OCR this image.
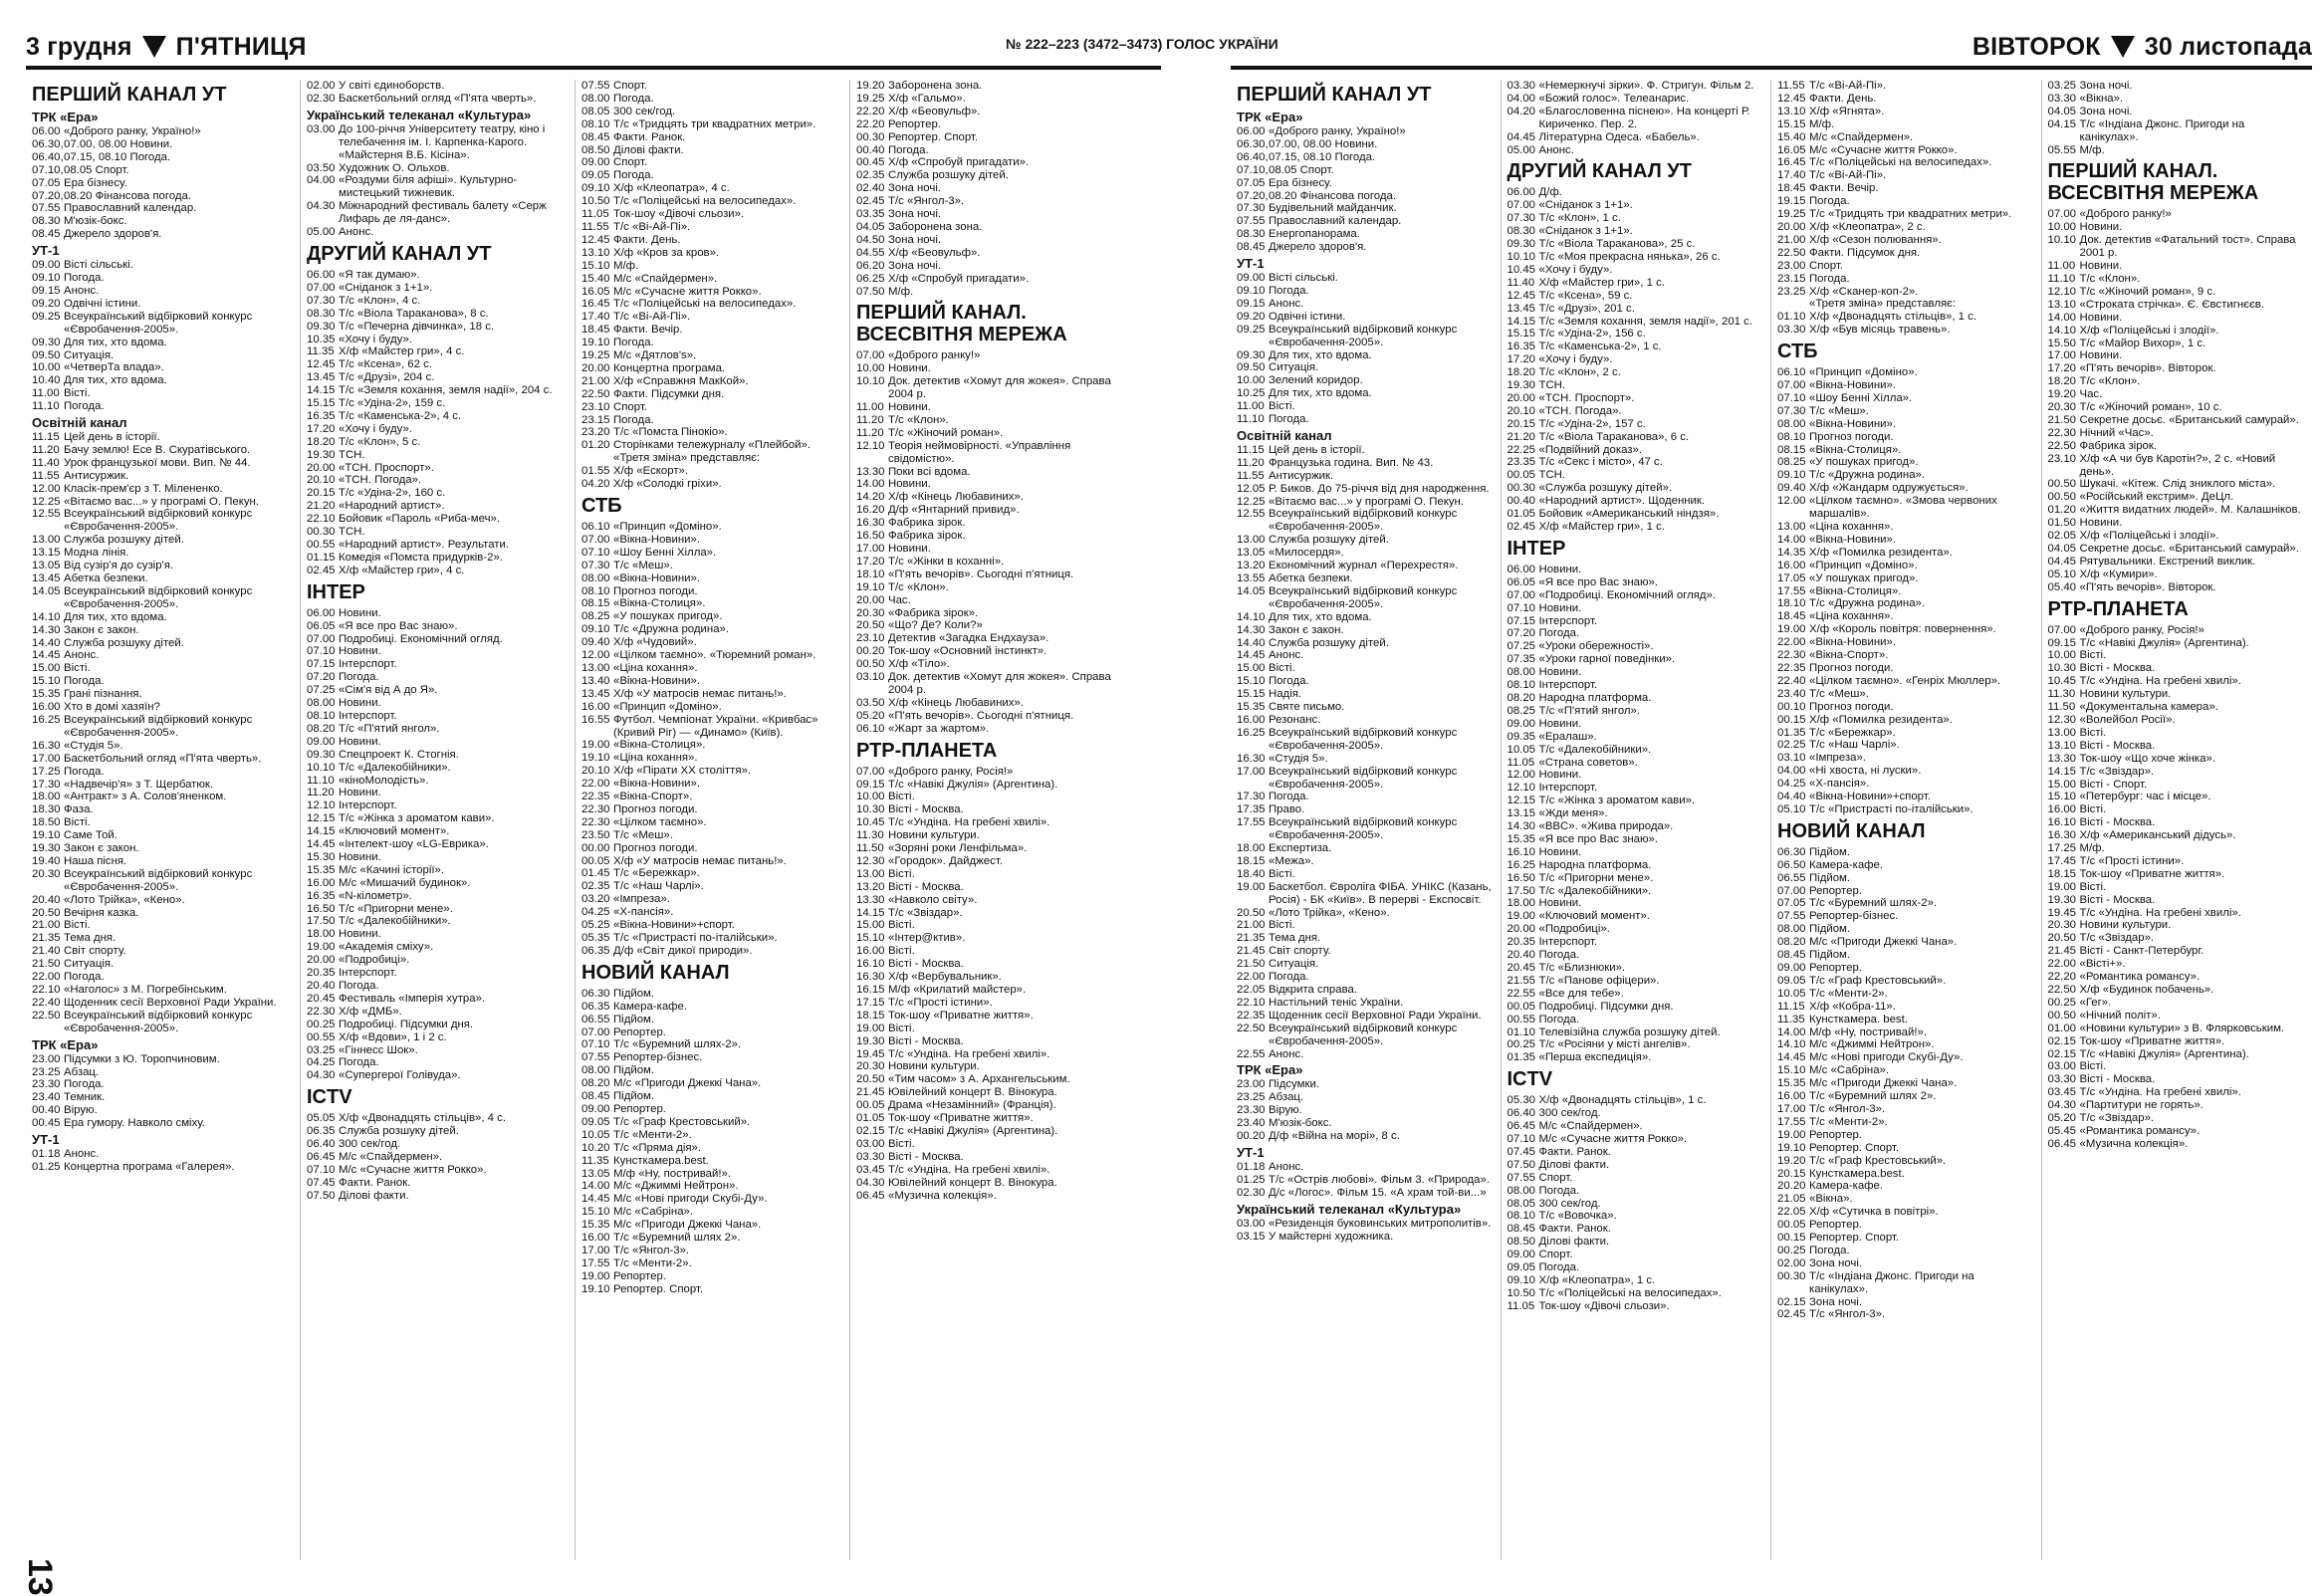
3 грудня П'ЯТНИЦЯ	№ 222–223 (3472–3473) ГОЛОС УКРАЇНИ
ПЕРШИЙ КАНАЛ УТ
ТРК «Ера»
06.00 «Доброго ранку, Україно!»
06.30, 07.00, 08.00 Новини.
06.40, 07.15, 08.10 Погода.
07.10, 08.05 Спорт.
07.05 Ера бізнесу.
07.20, 08.20 Фінансова погода.
07.55 Православний календар.
08.30 М'юзік-бокс.
08.45 Джерело здоров'я.
УТ-1
09.00 Вісті сільські.
09.10 Погода.
09.15 Анонс.
09.20 Одвічні істини.
09.25 Всеукраїнський відбірковий конкурс «Євробачення-2005».
09.30 Для тих, хто вдома.
09.50 Ситуація.
10.00 «ЧетверТа влада».
10.40 Для тих, хто вдома.
11.00 Вісті.
11.10 Погода.
Освітній канал
11.15 Цей день в історії.
11.20 Бачу землю! Есе В. Скуратівського.
11.40 Урок французької мови. Вип. № 44.
11.55 Антисуржик.
12.00 Класік-прем'єр з Т. Мілененко.
12.25 «Вітаємо вас...» у програмі О. Пекун.
12.55 Всеукраїнський відбірковий конкурс «Євробачення-2005».
13.00 Служба розшуку дітей.
13.15 Модна лінія.
13.05 Від сузір'я до сузір'я.
13.45 Абетка безпеки.
14.05 Всеукраїнський відбірковий конкурс «Євробачення-2005».
14.10 Для тих, хто вдома.
14.30 Закон є закон.
14.40 Служба розшуку дітей.
14.45 Анонс.
15.00 Вісті.
15.10 Погода.
15.35 Грані пізнання.
16.00 Хто в домі хазяїн?
16.25 Всеукраїнський відбірковий конкурс «Євробачення-2005».
16.30 «Студія 5».
17.00 Баскетбольний огляд «П'ята чверть».
17.25 Погода.
17.30 «Надвечір'я» з Т. Щербатюк.
18.00 «Антракт» з А. Солов'яненком.
18.30 Фаза.
18.50 Вісті.
19.10 Саме Той.
19.30 Закон є закон.
19.40 Наша пісня.
20.30 Всеукраїнський відбірковий конкурс «Євробачення-2005».
20.40 «Лото Трійка», «Кено».
20.50 Вечірня казка.
21.00 Вісті.
21.35 Тема дня.
21.40 Світ спорту.
21.50 Ситуація.
22.00 Погода.
22.10 «Наголос» з М. Погребінським.
22.40 Щоденник сесії Верховної Ради України.
22.50 Всеукраїнський відбірковий конкурс «Євробачення-2005».
ТРК «Ера»
23.00 Підсумки з Ю. Торопчиновим.
23.25 Абзац.
23.30 Погода.
23.40 Темник.
00.40 Вірую.
00.45 Ера гумору. Навколо сміху.
УТ-1
01.18 Анонс.
01.25 Концертна програма «Галерея».
02.00 У світі єдиноборств.
02.30 Баскетбольний огляд «П'ята чверть».
Український телеканал «Культура»
03.00 До 100-річчя Університету театру, кіно і телебачення ім. І. Карпенка-Карого. «Майстерня В.Б. Кісіна».
03.50 Художник О. Ольхов.
04.00 «Роздуми біля афіші». Культурно-мистецький тижневик.
04.30 Міжнародний фестиваль балету «Серж Лифарь де ля-данс».
05.00 Анонс.
ДРУГИЙ КАНАЛ УТ
06.00 «Я так думаю».
07.00 «Сніданок з 1+1».
07.30 Т/с «Клон», 4 с.
08.30 Т/с «Віола Тараканова», 8 с.
09.30 Т/с «Печерна дівчинка», 18 с.
10.35 «Хочу і буду».
11.35 Х/ф «Майстер гри», 4 с.
12.45 Т/с «Ксена», 62 с.
13.45 Т/с «Друзі», 204 с.
14.15 Т/с «Земля кохання, земля надії», 204 с.
15.15 Т/с «Удіна-2», 159 с.
16.35 Т/с «Каменська-2», 4 с.
17.20 «Хочу і буду».
18.20 Т/с «Клон», 5 с.
19.30 ТСН.
20.00 «ТСН. Проспорт».
20.10 «ТСН. Погода».
20.15 Т/с «Удіна-2», 160 с.
21.20 «Народний артист».
22.10 Бойовик «Пароль «Риба-меч».
00.30 ТСН.
00.55 «Народний артист». Результати.
01.15 Комедія «Помста придурків-2».
02.45 Х/ф «Майстер гри», 4 с.
ІНТЕР
06.00 Новини.
06.05 «Я все про Вас знаю».
07.00 Подробиці. Економічний огляд.
07.10 Новини.
07.15 Інтерспорт.
07.20 Погода.
07.25 «Сім'я від А до Я».
08.00 Новини.
08.10 Інтерспорт.
08.20 Т/с «П'ятий янгол».
09.00 Новини.
09.30 Спецпроект К. Стогнія.
10.10 Т/с «Далекобійники».
11.10 «кіноМолодість».
11.20 Новини.
12.10 Інтерспорт.
12.15 Т/с «Жінка з ароматом кави».
14.15 «Ключовий момент».
14.45 «Інтелект-шоу «LG-Еврика».
15.30 Новини.
15.35 М/с «Качині історії».
16.00 М/с «Мишачий будинок».
16.35 «N-кілометр».
16.50 Т/с «Пригорни мене».
17.50 Т/с «Далекобійники».
18.00 Новини.
19.00 «Академія сміху».
20.00 «Подробиці».
20.35 Інтерспорт.
20.40 Погода.
20.45 Фестиваль «Імперія хутра».
22.30 Х/ф «ДМБ».
00.25 Подробиці. Підсумки дня.
00.55 Х/ф «Вдови», 1 і 2 с.
03.25 «Гіннесс Шок».
04.25 Погода.
04.30 «Супергерої Голівуда».
ICTV
05.05 Х/ф «Двонадцять стільців», 4 с.
06.35 Служба розшуку дітей.
06.40 300 сек/год.
06.45 М/с «Спайдермен».
07.10 М/с «Сучасне життя Рокко».
07.45 Факти. Ранок.
07.50 Ділові факти.
07.55 Спорт.
08.00 Погода.
08.05 300 сек/год.
08.10 Т/с «Тридцять три квадратних метри».
08.45 Факти. Ранок.
08.50 Ділові факти.
09.00 Спорт.
09.05 Погода.
09.10 Х/ф «Клеопатра», 4 с.
10.50 Т/с «Поліцейські на велосипедах».
11.05 Ток-шоу «Дівочі сльози».
11.55 Т/с «Ві-Ай-Пі».
12.45 Факти. День.
13.10 Х/ф «Кров за кров».
15.10 М/ф.
15.40 М/с «Спайдермен».
16.05 М/с «Сучасне життя Рокко».
16.45 Т/с «Поліцейські на велосипедах».
17.40 Т/с «Ві-Ай-Пі».
18.45 Факти. Вечір.
19.10 Погода.
19.25 М/с «Дятлов's».
20.00 Концертна програма.
21.00 Х/ф «Справжня МакКой».
22.50 Факти. Підсумки дня.
23.10 Спорт.
23.15 Погода.
23.20 Т/с «Помста Пінокіо».
01.20 Сторінками тележурналу «Плейбой».
«Третя зміна» представляє:
01.55 Х/ф «Ескорт».
04.20 Х/ф «Солодкі гріхи».
СТБ
06.10 «Принцип «Доміно».
07.00 «Вікна-Новини».
07.10 «Шоу Бенні Хілла».
07.30 Т/с «Меш».
08.00 «Вікна-Новини».
08.10 Прогноз погоди.
08.15 «Вікна-Столиця».
08.25 «У пошуках пригод».
09.10 Т/с «Дружна родина».
09.40 Х/ф «Чудовий».
12.00 «Цілком таємно». «Тюремний роман».
13.00 «Ціна кохання».
13.40 «Вікна-Новини».
13.45 Х/ф «У матросів немає питань!».
16.00 «Принцип «Доміно».
16.55 Футбол. Чемпіонат України. «Кривбас» (Кривий Ріг) — «Динамо» (Київ).
19.00 «Вікна-Столиця».
19.10 «Ціна кохання».
20.10 Х/ф «Пірати XX століття».
22.00 «Вікна-Новини».
22.35 «Вікна-Спорт».
22.30 Прогноз погоди.
22.30 «Цілком таємно».
23.50 Т/с «Меш».
00.00 Прогноз погоди.
00.05 Х/ф «У матросів немає питань!».
01.45 Т/с «Бережкар».
02.35 Т/с «Наш Чарлі».
03.20 «Імпреза».
04.25 «Х-пансія».
05.25 «Вікна-Новини»+спорт.
05.35 Т/с «Пристрасті по-італійськи».
06.35 Д/ф «Світ дикої природи».
НОВИЙ КАНАЛ
06.30 Підйом.
06.35 Камера-кафе.
06.55 Підйом.
07.00 Репортер.
07.10 Т/с «Буремний шлях-2».
07.55 Репортер-бізнес.
08.00 Підйом.
08.20 М/с «Пригоди Джеккі Чана».
08.45 Підйом.
09.00 Репортер.
09.05 Т/с «Граф Крестовський».
10.05 Т/с «Менти-2».
10.20 Т/с «Пряма дія».
11.35 Кунсткамера.best.
13.05 М/ф «Ну, постривай!».
14.00 М/с «Джиммі Нейтрон».
14.45 М/с «Нові пригоди Скубі-Ду».
15.10 М/с «Сабріна».
15.35 М/с «Пригоди Джеккі Чана».
16.00 Т/с «Буремний шлях 2».
17.00 Т/с «Янгол-3».
17.55 Т/с «Менти-2».
19.00 Репортер.
19.10 Репортер. Спорт.
19.20 Заборонена зона.
19.25 Х/ф «Гальмо».
22.20 Х/ф «Беовульф».
22.20 Репортер.
00.30 Репортер. Спорт.
00.40 Погода.
00.45 Х/ф «Спробуй пригадати».
02.35 Служба розшуку дітей.
02.40 Зона ночі.
02.45 Т/с «Янгол-3».
03.35 Зона ночі.
04.05 Заборонена зона.
04.50 Зона ночі.
04.55 Х/ф «Беовульф».
06.20 Зона ночі.
06.25 Х/ф «Спробуй пригадати».
07.50 М/ф.
ПЕРШИЙ КАНАЛ. ВСЕСВІТНЯ МЕРЕЖА
07.00 «Доброго ранку!»
10.00 Новини.
10.10 Док. детектив «Хомут для жокея». Справа 2004 р.
11.00 Новини.
11.20 Т/с «Клон».
11.20 Т/с «Жіночий роман».
12.10 Теорія неймовірності. «Управління свідомістю».
13.30 Поки всі вдома.
14.00 Новини.
14.20 Х/ф «Кінець Любавиних».
16.20 Д/ф «Янтарний привид».
16.30 Фабрика зірок.
16.50 Фабрика зірок.
17.00 Новини.
17.20 Т/с «Жінки в коханні».
18.10 «П'ять вечорів». Сьогодні п'ятниця.
19.10 Т/с «Клон».
20.00 Час.
20.30 «Фабрика зірок».
20.50 «Що? Де? Коли?»
23.10 Детектив «Загадка Ендхауза».
00.20 Ток-шоу «Основний інстинкт».
00.50 Х/ф «Тіло».
03.10 Док. детектив «Хомут для жокея». Справа 2004 р.
03.50 Х/ф «Кінець Любавиних».
05.20 «П'ять вечорів». Сьогодні п'ятниця.
06.10 «Жарт за жартом».
РТР-ПЛАНЕТА
07.00 «Доброго ранку, Росія!»
09.15 Т/с «Навікі Джулія» (Аргентина).
10.00 Вісті.
10.30 Вісті - Москва.
10.45 Т/с «Ундіна. На гребені хвилі».
11.30 Новини культури.
11.50 «Зоряні роки Ленфільма».
12.30 «Городок». Дайджест.
13.00 Вісті.
13.20 Вісті - Москва.
13.30 «Навколо світу».
14.15 Т/с «Звіздар».
15.00 Вісті.
15.10 «Інтер@ктив».
16.00 Вісті.
16.10 Вісті - Москва.
16.30 Х/ф «Вербувальник».
16.15 М/ф «Крилатий майстер».
17.15 Т/с «Прості істини».
18.15 Ток-шоу «Приватне життя».
19.00 Вісті.
19.30 Вісті - Москва.
19.45 Т/с «Ундіна. На гребені хвилі».
20.30 Новини культури.
20.50 «Тим часом» з А. Архангельським.
21.45 Ювілейний концерт В. Вінокура.
00.05 Драма «Незамінний» (Франція).
01.05 Ток-шоу «Приватне життя».
02.15 Т/с «Навікі Джулія» (Аргентина).
03.00 Вісті.
03.30 Вісті - Москва.
03.45 Т/с «Ундіна. На гребені хвилі».
04.30 Ювілейний концерт В. Вінокура.
06.45 «Музична колекція».
13
ВІВТОРОК 30 листопада
ПЕРШИЙ КАНАЛ УТ
ТРК «Ера»
06.00 «Доброго ранку, Україно!»
06.30, 07.00, 08.00 Новини.
06.40, 07.15, 08.10 Погода.
07.10, 08.05 Спорт.
07.05 Ера бізнесу.
07.20, 08.20 Фінансова погода.
07.30 Будівельний майданчик.
07.55 Православний календар.
08.30 Енергопанорама.
08.45 Джерело здоров'я.
УТ-1
09.00 Вісті сільські.
09.10 Погода.
09.15 Анонс.
09.20 Одвічні істини.
09.25 Всеукраїнський відбірковий конкурс «Євробачення-2005».
09.30 Для тих, хто вдома.
09.50 Ситуація.
10.00 Зелений коридор.
10.25 Для тих, хто вдома.
11.00 Вісті.
11.10 Погода.
Освітній канал
11.15 Цей день в історії.
11.20 Французька година. Вип. № 43.
11.55 Антисуржик.
12.05 Р. Биков. До 75-річчя від дня народження.
12.25 «Вітаємо вас...» у програмі О. Пекун.
12.55 Всеукраїнський відбірковий конкурс «Євробачення-2005».
13.00 Служба розшуку дітей.
13.05 «Милосердя».
13.20 Економічний журнал «Перехрестя».
13.55 Абетка безпеки.
14.05 Всеукраїнський відбірковий конкурс «Євробачення-2005».
14.10 Для тих, хто вдома.
14.30 Закон є закон.
14.40 Служба розшуку дітей.
14.45 Анонс.
15.00 Вісті.
15.10 Погода.
15.15 Надія.
15.35 Святе письмо.
16.00 Резонанс.
16.25 Всеукраїнський відбірковий конкурс «Євробачення-2005».
16.30 «Студія 5».
17.00 Всеукраїнський відбірковий конкурс «Євробачення-2005».
17.30 Погода.
17.35 Право.
17.55 Всеукраїнський відбірковий конкурс «Євробачення-2005».
18.00 Експертиза.
18.15 «Межа».
18.40 Вісті.
19.00 Баскетбол. Євроліга ФІБА. УНІКС (Казань, Росія) - БК «Київ». В перерві - Експосвіт.
20.50 «Лото Трійка», «Кено».
21.00 Вісті.
21.35 Тема дня.
21.45 Світ спорту.
21.50 Ситуація.
22.00 Погода.
22.05 Відкрита справа.
22.10 Настільний теніс України.
22.35 Щоденник сесії Верховної Ради України.
22.50 Всеукраїнський відбірковий конкурс «Євробачення-2005».
22.55 Анонс.
ТРК «Ера»
23.00 Підсумки.
23.25 Абзац.
23.30 Вірую.
23.40 М'юзік-бокс.
00.20 Д/ф «Війна на морі», 8 с.
УТ-1
01.18 Анонс.
01.25 Т/с «Острів любові». Фільм 3. «Природа».
02.30 Д/с «Логос». Фільм 15. «А храм той-ви...»
Український телеканал «Культура»
03.00 «Резиденція буковинських митрополитів».
03.15 У майстерні художника.
03.30 «Немеркнучі зірки». Ф. Стригун. Фільм 2.
04.00 «Божий голос». Телеанарис.
04.20 «Благословенна піснею». На концерті Р. Кириченко. Пер. 2.
04.45 Літературна Одеса. «Бабель».
05.00 Анонс.
ДРУГИЙ КАНАЛ УТ
06.00 Д/ф.
07.00 «Сніданок з 1+1».
07.30 Т/с «Клон», 1 с.
08.30 «Сніданок з 1+1».
09.30 Т/с «Віола Тараканова», 25 с.
10.10 Т/с «Моя прекрасна нянька», 26 с.
10.45 «Хочу і буду».
11.40 Х/ф «Майстер гри», 1 с.
12.45 Т/с «Ксена», 59 с.
13.45 Т/с «Друзі», 201 с.
14.15 Т/с «Земля кохання, земля надії», 201 с.
15.15 Т/с «Удіна-2», 156 с.
16.35 Т/с «Каменська-2», 1 с.
17.20 «Хочу і буду».
18.20 Т/с «Клон», 2 с.
19.30 ТСН.
20.00 «ТСН. Проспорт».
20.10 «ТСН. Погода».
20.15 Т/с «Удіна-2», 157 с.
21.20 Т/с «Віола Тараканова», 6 с.
22.25 «Подвійний доказ».
23.35 Т/с «Секс і місто», 47 с.
00.05 ТСН.
00.30 «Служба розшуку дітей».
00.40 «Народний артист». Щоденник.
01.05 Бойовик «Американський ніндзя».
02.45 Х/ф «Майстер гри», 1 с.
ІНТЕР
06.00 Новини.
06.05 «Я все про Вас знаю».
07.00 «Подробиці. Економічний огляд».
07.10 Новини.
07.15 Інтерспорт.
07.20 Погода.
07.25 «Уроки обережності».
07.35 «Уроки гарної поведінки».
08.00 Новини.
08.10 Інтерспорт.
08.20 Народна платформа.
08.25 Т/с «П'ятий янгол».
09.00 Новини.
09.35 «Ералаш».
10.05 Т/с «Далекобійники».
11.05 «Страна советов».
12.00 Новини.
12.10 Інтерспорт.
12.15 Т/с «Жінка з ароматом кави».
13.15 «Жди меня».
14.30 «BBC». «Жива природа».
15.35 «Я все про Вас знаю».
16.10 Новини.
16.25 Народна платформа.
16.50 Т/с «Пригорни мене».
17.50 Т/с «Далекобійники».
18.00 Новини.
19.00 «Ключовий момент».
20.00 «Подробиці».
20.35 Інтерспорт.
20.40 Погода.
20.45 Т/с «Близнюки».
21.55 Т/с «Панове офіцери».
22.55 «Все для тебе».
00.05 Подробиці. Підсумки дня.
00.55 Погода.
01.10 Телевізійна служба розшуку дітей.
00.25 Т/с «Росіяни у місті ангелів».
01.35 «Перша експедиція».
ICTV
05.30 Х/ф «Двонадцять стільців», 1 с.
06.40 300 сек/год.
06.45 М/с «Спайдермен».
07.10 М/с «Сучасне життя Рокко».
07.45 Факти. Ранок.
07.50 Ділові факти.
07.55 Спорт.
08.00 Погода.
08.05 300 сек/год.
08.10 Т/с «Вовочка».
08.45 Факти. Ранок.
08.50 Ділові факти.
09.00 Спорт.
09.05 Погода.
09.10 Х/ф «Клеопатра», 1 с.
10.50 Т/с «Поліцейські на велосипедах».
11.05 Ток-шоу «Дівочі сльози».
11.55 Т/с «Ві-Ай-Пі».
12.45 Факти. День.
13.10 Х/ф «Ягнята».
15.15 М/ф.
15.40 М/с «Спайдермен».
16.05 М/с «Сучасне життя Рокко».
16.45 Т/с «Поліцейські на велосипедах».
17.40 Т/с «Ві-Ай-Пі».
18.45 Факти. Вечір.
19.15 Погода.
19.25 Т/с «Тридцять три квадратних метри».
20.00 Х/ф «Клеопатра», 2 с.
21.00 Х/ф «Сезон полювання».
22.50 Факти. Підсумок дня.
23.00 Спорт.
23.15 Погода.
23.25 Х/ф «Сканер-коп-2».
«Третя зміна» представляє:
01.10 Х/ф «Двонадцять стільців», 1 с.
03.30 Х/ф «Був місяць травень».
СТБ
06.10 «Принцип «Доміно».
07.00 «Вікна-Новини».
07.10 «Шоу Бенні Хілла».
07.30 Т/с «Меш».
08.00 «Вікна-Новини».
08.10 Прогноз погоди.
08.15 «Вікна-Столиця».
08.25 «У пошуках пригод».
09.10 Т/с «Дружна родина».
09.40 Х/ф «Жандарм одружується».
12.00 «Цілком таємно». «Змова червоних маршалів».
13.00 «Ціна кохання».
14.00 «Вікна-Новини».
14.35 Х/ф «Помилка резидента».
16.00 «Принцип «Доміно».
17.05 «У пошуках пригод».
17.55 «Вікна-Столиця».
18.10 Т/с «Дружна родина».
18.45 «Ціна кохання».
19.00 Х/ф «Король повітря: повернення».
22.00 «Вікна-Новини».
22.30 «Вікна-Спорт».
22.35 Прогноз погоди.
22.40 «Цілком таємно». «Генріх Мюллер».
23.40 Т/с «Меш».
00.10 Прогноз погоди.
00.15 Х/ф «Помилка резидента».
01.35 Т/с «Бережкар».
02.25 Т/с «Наш Чарлі».
03.10 «Імпреза».
04.00 «Ні хвоста, ні луски».
04.25 «Х-пансія».
04.40 «Вікна-Новини»+спорт.
05.10 Т/с «Пристрасті по-італійськи».
НОВИЙ КАНАЛ
06.30 Підйом.
06.50 Камера-кафе.
06.55 Підйом.
07.00 Репортер.
07.05 Т/с «Буремний шлях-2».
07.55 Репортер-бізнес.
08.00 Підйом.
08.20 М/с «Пригоди Джеккі Чана».
08.45 Підйом.
09.00 Репортер.
09.05 Т/с «Граф Крестовський».
10.05 Т/с «Менти-2».
11.15 Х/ф «Кобра-11».
11.35 Кунсткамера. best.
14.00 М/ф «Ну, постривай!».
14.10 М/с «Джиммі Нейтрон».
14.45 М/с «Нові пригоди Скубі-Ду».
15.10 М/с «Сабріна».
15.35 М/с «Пригоди Джеккі Чана».
16.00 Т/с «Буремний шлях 2».
17.00 Т/с «Янгол-3».
17.55 Т/с «Менти-2».
19.00 Репортер.
19.10 Репортер. Спорт.
19.20 Т/с «Граф Крестовський».
20.15 Кунсткамера.best.
20.20 Камера-кафе.
21.05 «Вікна».
22.05 Х/ф «Сутичка в повітрі».
00.05 Репортер.
00.15 Репортер. Спорт.
00.25 Погода.
02.00 Зона ночі.
00.30 Т/с «Індіана Джонс. Пригоди на канікулах».
02.15 Зона ночі.
02.45 Т/с «Янгол-3».
03.25 Зона ночі.
03.30 «Вікна».
04.05 Зона ночі.
04.15 Т/с «Індіана Джонс. Пригоди на канікулах».
05.55 М/ф.
ПЕРШИЙ КАНАЛ. ВСЕСВІТНЯ МЕРЕЖА
07.00 «Доброго ранку!»
10.00 Новини.
10.10 Док. детектив «Фатальний тост». Справа 2001 р.
11.00 Новини.
11.10 Т/с «Клон».
12.10 Т/с «Жіночий роман», 9 с.
13.10 «Строката стрічка». Є. Євстигнєєв.
14.00 Новини.
14.10 Х/ф «Поліцейські і злодії».
15.50 Т/с «Майор Вихор», 1 с.
17.00 Новини.
17.20 «П'ять вечорів». Вівторок.
18.20 Т/с «Клон».
19.20 Час.
20.30 Т/с «Жіночий роман», 10 с.
21.50 Секретне досьє. «Британський самурай».
22.30 Нічний «Час».
22.50 Фабрика зірок.
23.10 Х/ф «А чи був Каротін?», 2 с. «Новий день».
00.50 Шукачі. «Кітеж. Слід зниклого міста».
00.50 «Російський екстрим». ДеЦл.
01.20 «Життя видатних людей». М. Калашніков.
01.50 Новини.
02.05 Х/ф «Поліцейські і злодії».
04.05 Секретне досьє. «Британський самурай».
04.45 Рятувальники. Екстрений виклик.
05.10 Х/ф «Кумири».
05.40 «П'ять вечорів». Вівторок.
РТР-ПЛАНЕТА
07.00 «Доброго ранку, Росія!»
09.15 Т/с «Навікі Джулія» (Аргентина).
10.00 Вісті.
10.30 Вісті - Москва.
10.45 Т/с «Ундіна. На гребені хвилі».
11.30 Новини культури.
11.50 «Документальна камера».
12.30 «Волейбол Росії».
13.00 Вісті.
13.10 Вісті - Москва.
13.30 Ток-шоу «Що хоче жінка».
14.15 Т/с «Звіздар».
15.00 Вісті - Спорт.
15.10 «Петербург: час і місце».
16.00 Вісті.
16.10 Вісті - Москва.
16.30 Х/ф «Американський дідусь».
17.25 М/ф.
17.45 Т/с «Прості істини».
18.15 Ток-шоу «Приватне життя».
19.00 Вісті.
19.30 Вісті - Москва.
19.45 Т/с «Ундіна. На гребені хвилі».
20.30 Новини культури.
20.50 Т/с «Звіздар».
21.45 Вісті - Санкт-Петербург.
22.00 «Вісті+».
22.20 «Романтика романсу».
22.50 Х/ф «Будинок побачень».
00.25 «Гег».
00.50 «Нічний політ».
01.00 «Новини культури» з В. Флярковським.
02.15 Ток-шоу «Приватне життя».
02.15 Т/с «Навікі Джулія» (Аргентина).
03.00 Вісті.
03.30 Вісті - Москва.
03.45 Т/с «Ундіна. На гребені хвилі».
04.30 «Партитури не горять».
05.20 Т/с «Звіздар».
05.45 «Романтика романсу».
06.45 «Музична колекція».
